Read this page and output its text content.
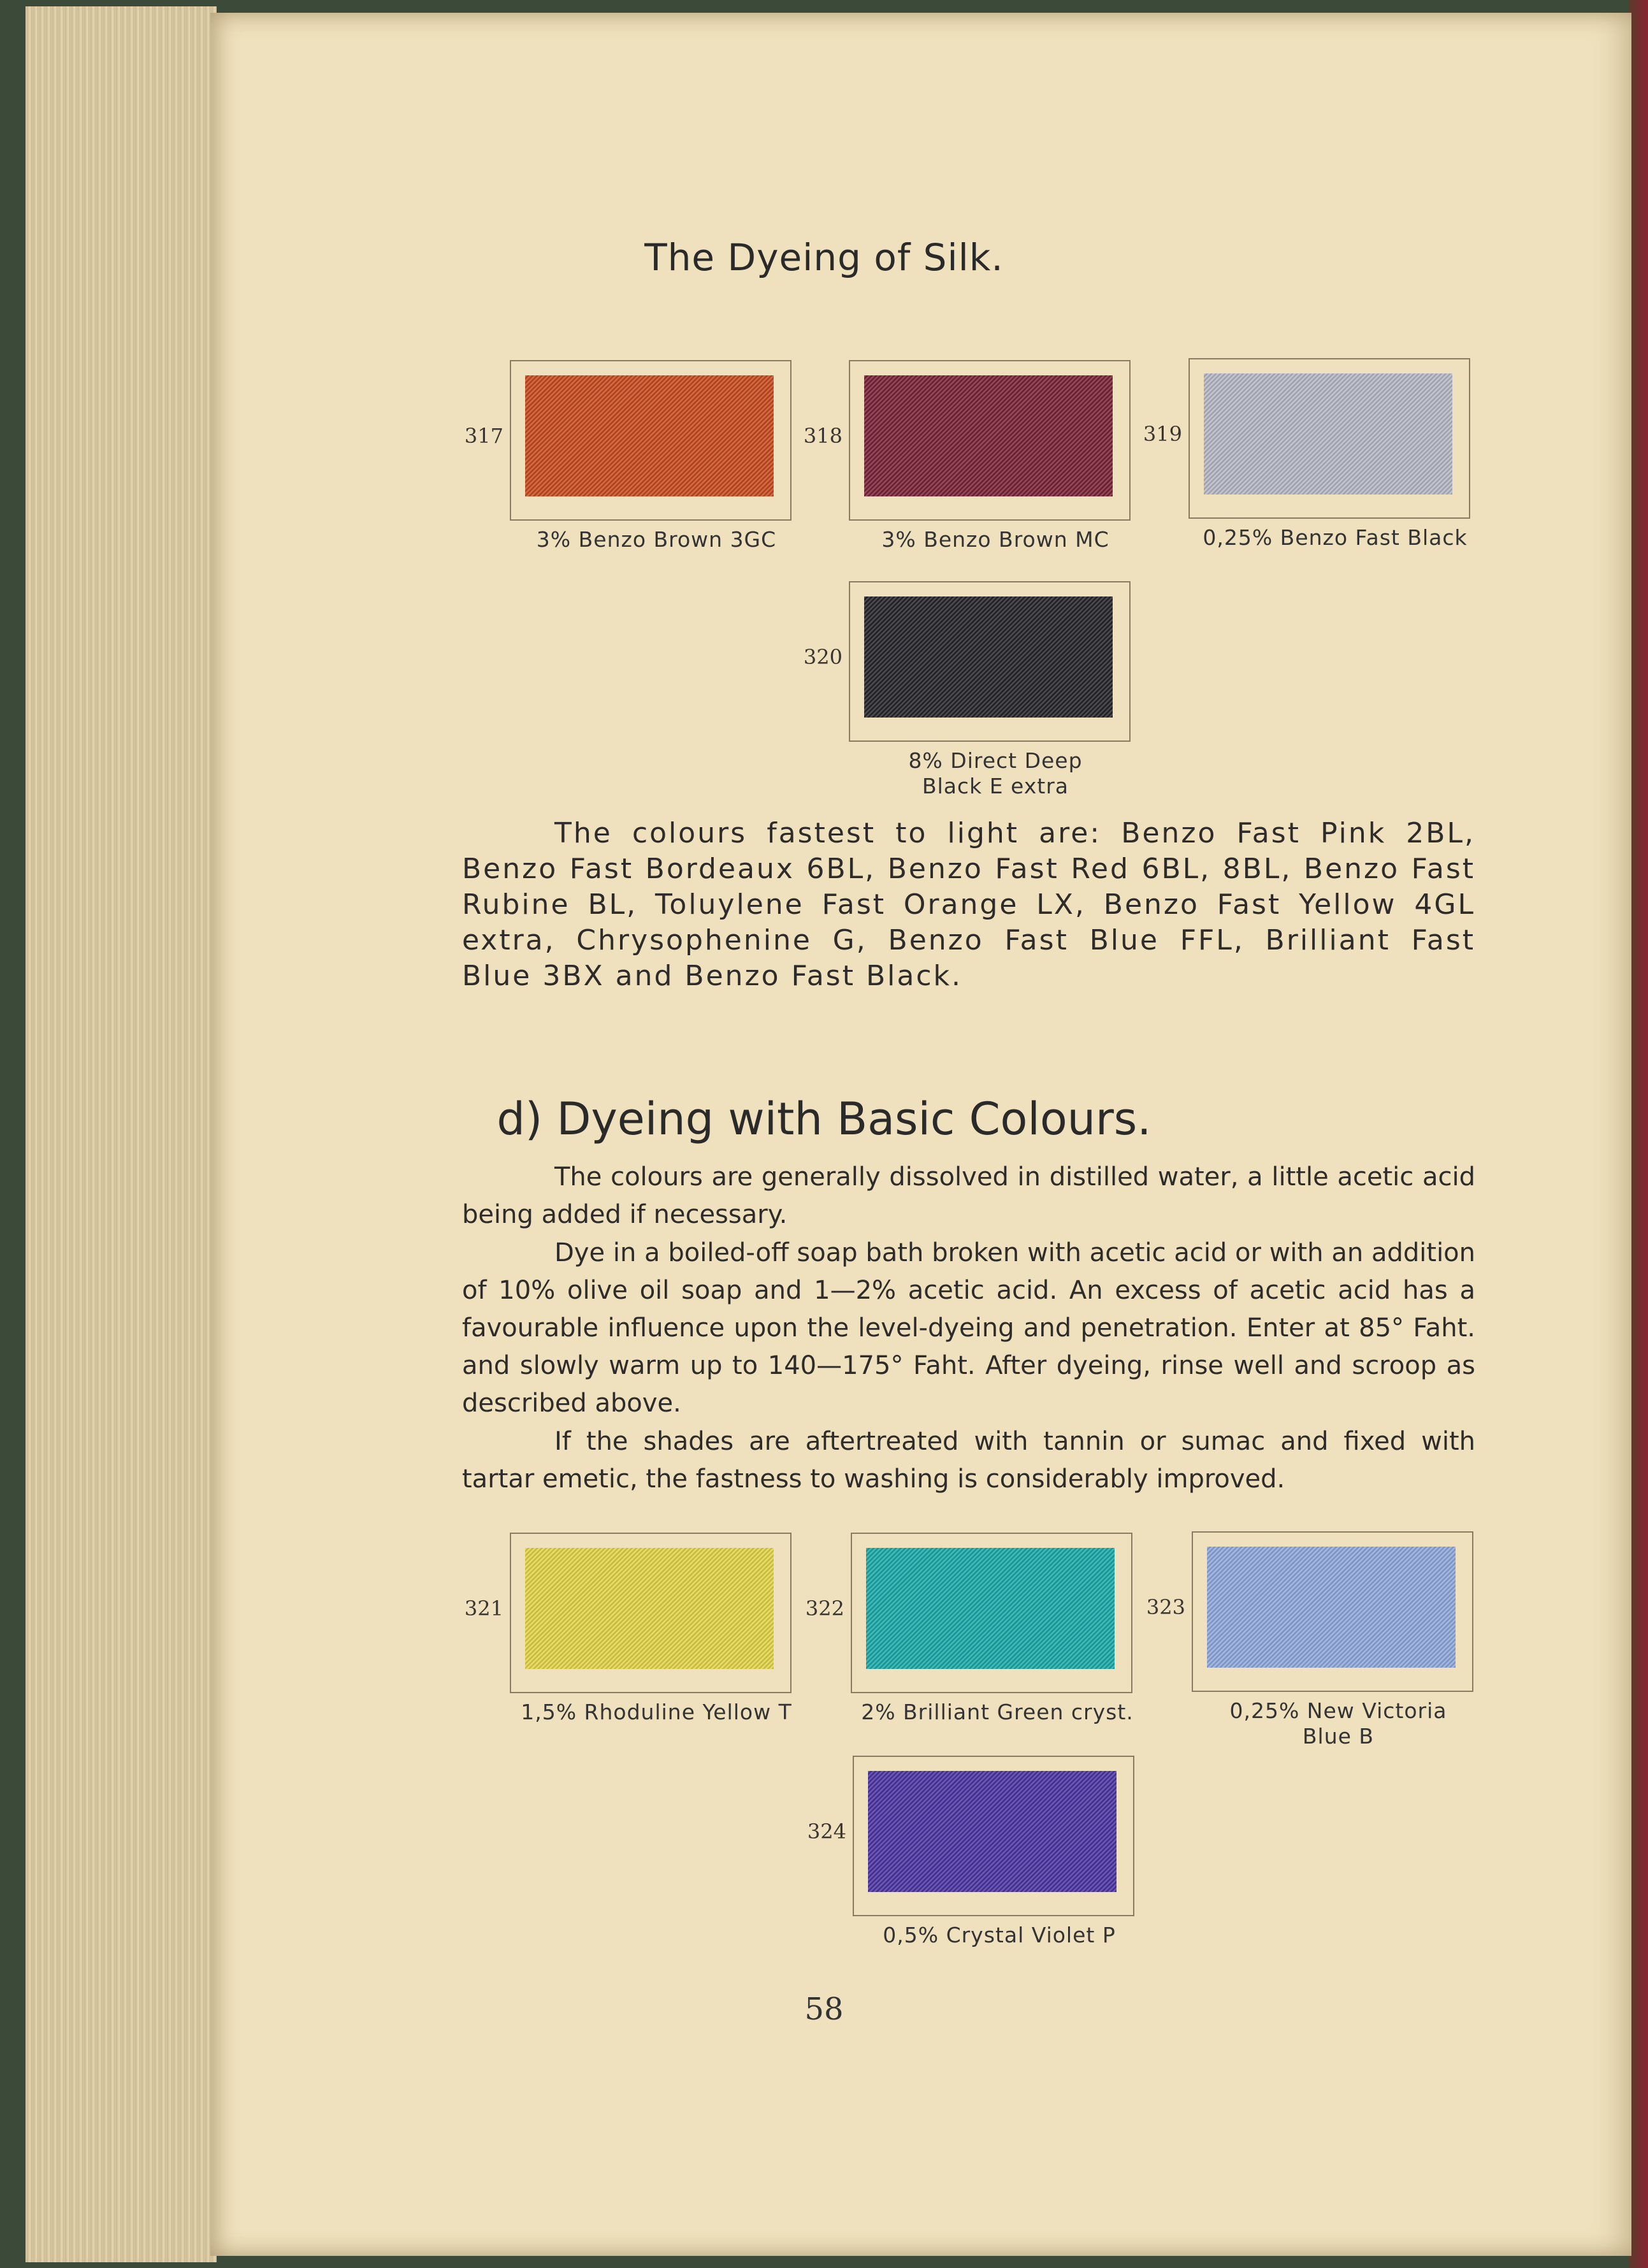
The Dyeing of Silk.
317
3% Benzo Brown 3GC
318
3% Benzo Brown MC
319
0,25% Benzo Fast Black
320
8% Direct Deep Black E extra
The colours fastest to light are: Benzo Fast Pink 2BL, Benzo Fast Bordeaux 6BL, Benzo Fast Red 6BL, 8BL, Benzo Fast Rubine BL, Toluylene Fast Orange LX, Benzo Fast Yellow 4GL extra, Chrysophenine G, Benzo Fast Blue FFL, Brilliant Fast Blue 3BX and Benzo Fast Black.
d) Dyeing with Basic Colours.
The colours are generally dissolved in distilled water, a little acetic acid being added if necessary.
Dye in a boiled-off soap bath broken with acetic acid or with an addition of 10% olive oil soap and 1—2% acetic acid. An excess of acetic acid has a favourable influence upon the level-dyeing and penetration. Enter at 85° Faht. and slowly warm up to 140—175° Faht. After dyeing, rinse well and scroop as described above.
If the shades are aftertreated with tannin or sumac and fixed with tartar emetic, the fastness to washing is considerably improved.
321
1,5% Rhoduline Yellow T
322
2% Brilliant Green cryst.
323
0,25% New Victoria Blue B
324
0,5% Crystal Violet P
58
